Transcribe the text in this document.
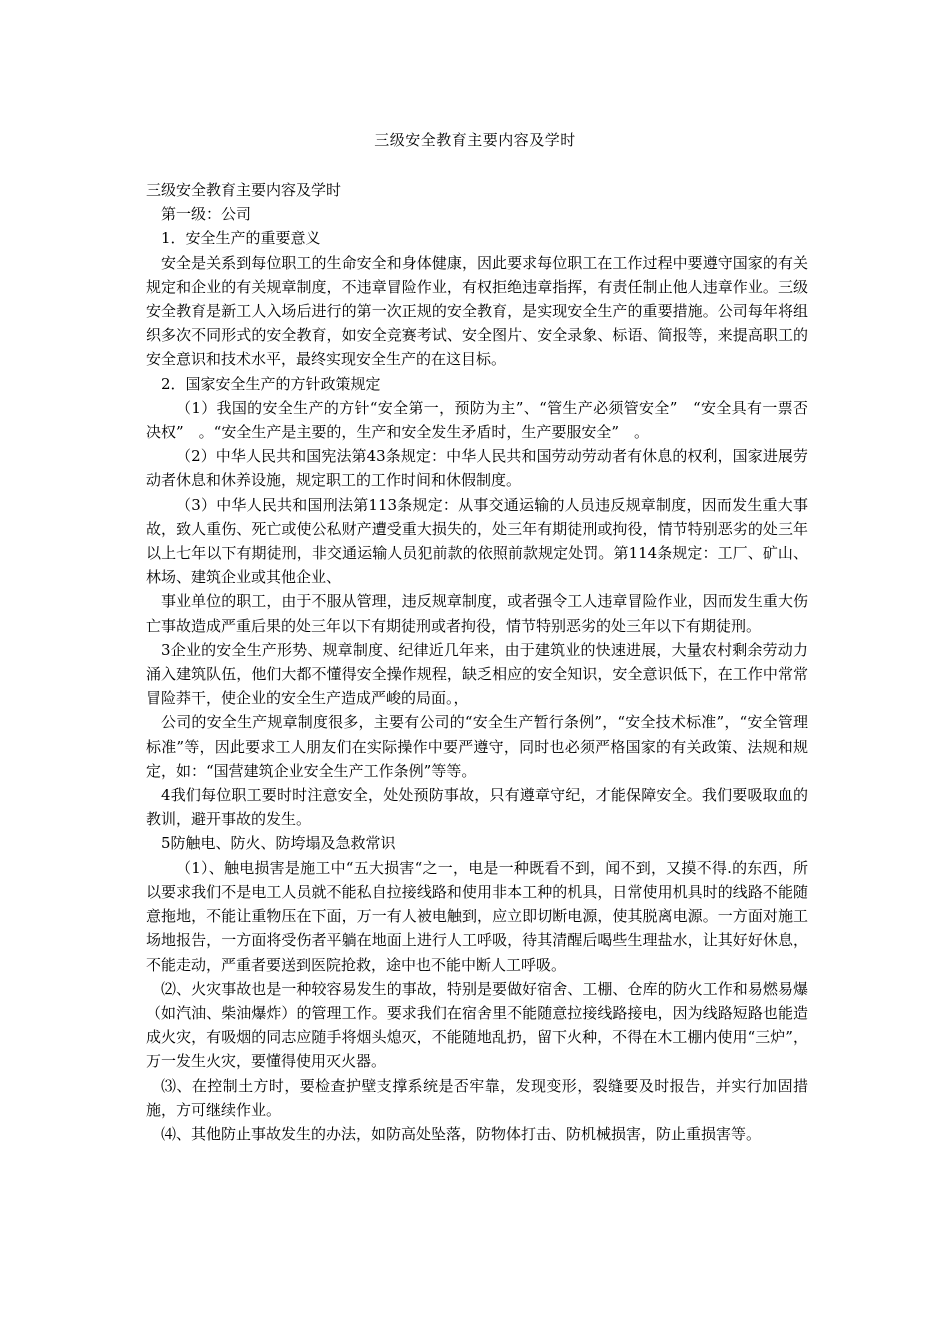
三级安全教育主要内容及学时

三级安全教育主要内容及学时

第一级：公司

1．安全生产的重要意义

安全是关系到每位职工的生命安全和身体健康，因此要求每位职工在工作过程中要遵守国家的有关规定和企业的有关规章制度，不违章冒险作业，有权拒绝违章指挥，有责任制止他人违章作业。三级安全教育是新工人入场后进行的第一次正规的安全教育，是实现安全生产的重要措施。公司每年将组织多次不同形式的安全教育，如安全竞赛考试、安全图片、安全录象、标语、简报等，来提高职工的安全意识和技术水平，最终实现安全生产的在这目标。

2．国家安全生产的方针政策规定

（1）我国的安全生产的方针“安全第一，预防为主”、“管生产必须管安全”　“安全具有一票否决权”　。“安全生产是主要的，生产和安全发生矛盾时，生产要服安全”　。

（2）中华人民共和国宪法第43条规定：中华人民共和国劳动劳动者有休息的权利，国家进展劳动者休息和休养设施，规定职工的工作时间和休假制度。

（3）中华人民共和国刑法第113条规定：从事交通运输的人员违反规章制度，因而发生重大事故，致人重伤、死亡或使公私财产遭受重大损失的，处三年有期徒刑或拘役，情节特别恶劣的处三年以上七年以下有期徒刑，非交通运输人员犯前款的依照前款规定处罚。第114条规定：工厂、矿山、林场、建筑企业或其他企业、

事业单位的职工，由于不服从管理，违反规章制度，或者强令工人违章冒险作业，因而发生重大伤亡事故造成严重后果的处三年以下有期徒刑或者拘役，情节特别恶劣的处三年以下有期徒刑。

3企业的安全生产形势、规章制度、纪律近几年来，由于建筑业的快速进展，大量农村剩余劳动力涌入建筑队伍，他们大都不懂得安全操作规程，缺乏相应的安全知识，安全意识低下，在工作中常常冒险莽干，使企业的安全生产造成严峻的局面。，

公司的安全生产规章制度很多，主要有公司的“安全生产暂行条例”，“安全技术标准”，“安全管理标准”等，因此要求工人朋友们在实际操作中要严遵守，同时也必须严格国家的有关政策、法规和规定，如：“国营建筑企业安全生产工作条例”等等。

4我们每位职工要时时注意安全，处处预防事故，只有遵章守纪，才能保障安全。我们要吸取血的教训，避开事故的发生。

5防触电、防火、防垮塌及急救常识

（1）、触电损害是施工中“五大损害“之一，电是一种既看不到，闻不到，又摸不得.的东西，所以要求我们不是电工人员就不能私自拉接线路和使用非本工种的机具，日常使用机具时的线路不能随意拖地，不能让重物压在下面，万一有人被电触到，应立即切断电源，使其脱离电源。一方面对施工场地报告，一方面将受伤者平躺在地面上进行人工呼吸，待其清醒后喝些生理盐水，让其好好休息，不能走动，严重者要送到医院抢救，途中也不能中断人工呼吸。

⑵、火灾事故也是一种较容易发生的事故，特别是要做好宿舍、工棚、仓库的防火工作和易燃易爆（如汽油、柴油爆炸）的管理工作。要求我们在宿舍里不能随意拉接线路接电，因为线路短路也能造成火灾，有吸烟的同志应随手将烟头熄灭，不能随地乱扔，留下火种，不得在木工棚内使用“三炉”，万一发生火灾，要懂得使用灭火器。

⑶、在控制土方时，要检查护壁支撑系统是否牢靠，发现变形，裂缝要及时报告，并实行加固措施，方可继续作业。

⑷、其他防止事故发生的办法，如防高处坠落，防物体打击、防机械损害，防止重损害等。
